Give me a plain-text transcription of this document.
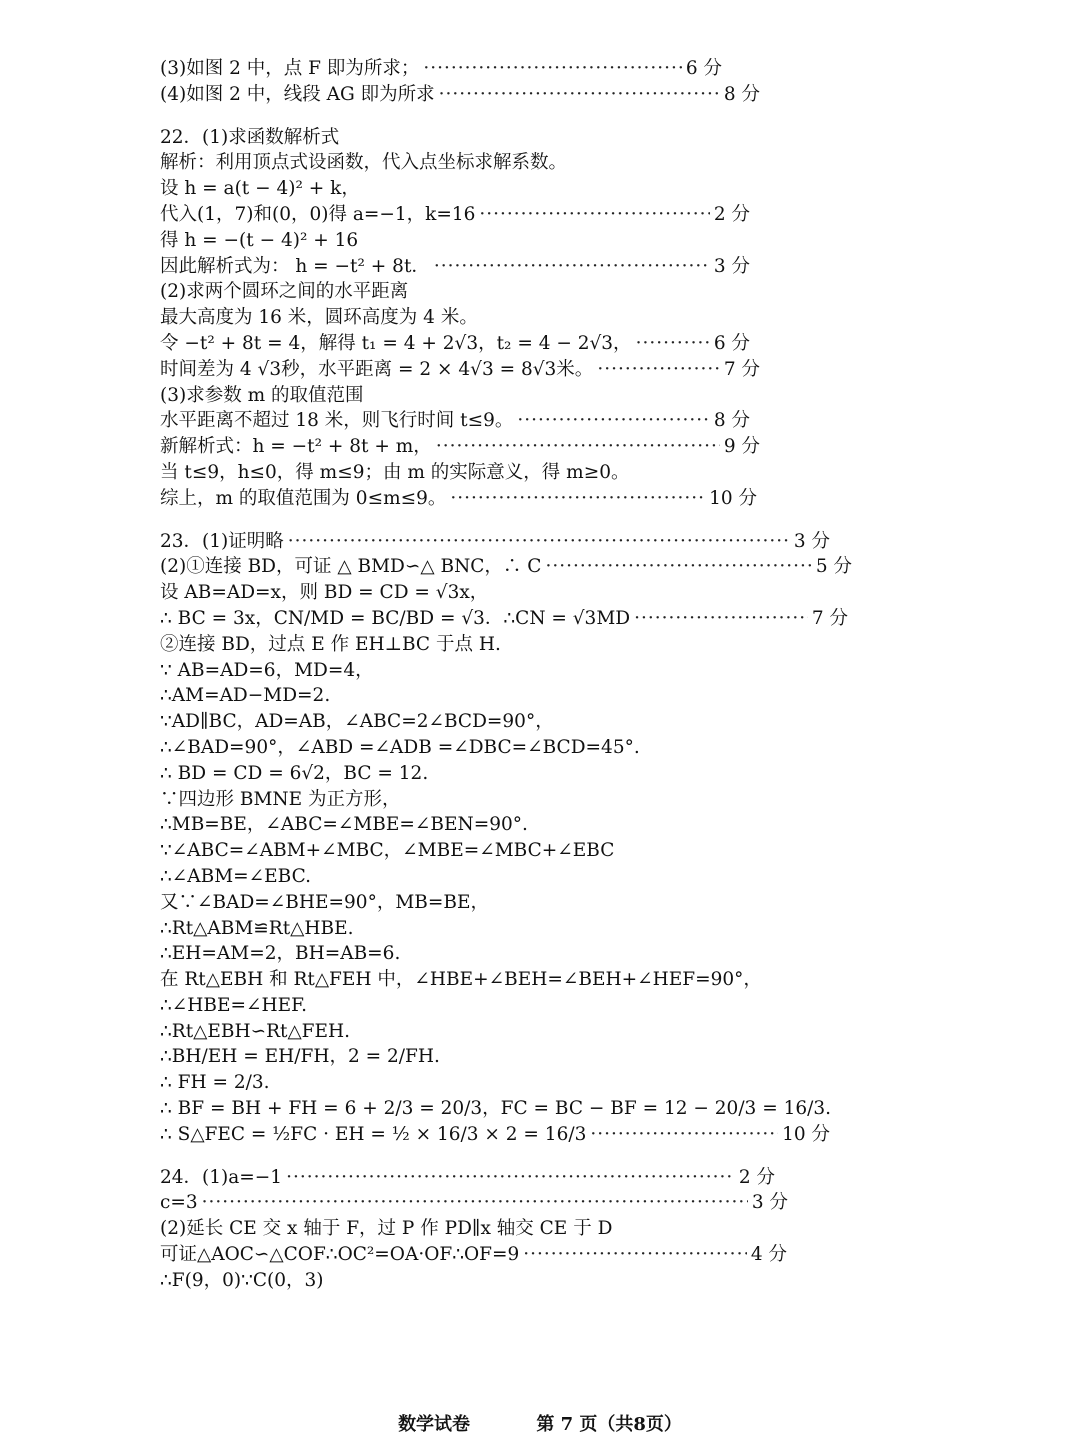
(3)如图 2 中，点 F 即为所求； ·····	6 分
(4)如图 2 中，线段 AG 即为所求 ·····	8 分
22．(1)求函数解析式
解析：利用顶点式设函数，代入点坐标求解系数。
设 h = a(t − 4)² + k，
代入(1，7)和(0，0)得 a=−1，k=16 ·····	2 分
得 h = −(t − 4)² + 16
因此解析式为： h = −t² + 8t． ·····	3 分
(2)求两个圆环之间的水平距离
最大高度为 16 米，圆环高度为 4 米。
令 −t² + 8t = 4，解得 t₁ = 4 + 2√3，t₂ = 4 − 2√3， ·····	6 分
时间差为 4 √3秒，水平距离 = 2 × 4√3 = 8√3米。 ·····	7 分
(3)求参数 m 的取值范围
水平距离不超过 18 米，则飞行时间 t≤9。 ·····	8 分
新解析式：h = −t² + 8t + m， ·····	9 分
当 t≤9，h≤0，得 m≤9；由 m 的实际意义，得 m≥0。
综上，m 的取值范围为 0≤m≤9。 ·····	10 分
23．(1)证明略 ·····	3 分
(2)①连接 BD，可证 △ BMD∽△ BNC，∴ C ·····	5 分
设 AB=AD=x，则 BD = CD = √3x，
∴ BC = 3x，CN/MD = BC/BD = √3．∴CN = √3MD ·····	7 分
②连接 BD，过点 E 作 EH⊥BC 于点 H.
∵ AB=AD=6，MD=4，
∴AM=AD−MD=2.
∵AD∥BC，AD=AB，∠ABC=2∠BCD=90°，
∴∠BAD=90°，∠ABD =∠ADB =∠DBC=∠BCD=45°.
∴ BD = CD = 6√2，BC = 12.
∵四边形 BMNE 为正方形，
∴MB=BE，∠ABC=∠MBE=∠BEN=90°.
∵∠ABC=∠ABM+∠MBC，∠MBE=∠MBC+∠EBC
∴∠ABM=∠EBC.
又∵∠BAD=∠BHE=90°，MB=BE，
∴Rt△ABM≌Rt△HBE.
∴EH=AM=2，BH=AB=6.
在 Rt△EBH 和 Rt△FEH 中，∠HBE+∠BEH=∠BEH+∠HEF=90°，
∴∠HBE=∠HEF.
∴Rt△EBH∽Rt△FEH.
∴BH/EH = EH/FH，2 = 2/FH.
∴ FH = 2/3.
∴ BF = BH + FH = 6 + 2/3 = 20/3，FC = BC − BF = 12 − 20/3 = 16/3.
∴ S△FEC = ½FC · EH = ½ × 16/3 × 2 = 16/3 ·····	10 分
24．(1)a=−1 ·····	2 分
c=3 ·····	3 分
(2)延长 CE 交 x 轴于 F，过 P 作 PD∥x 轴交 CE 于 D
可证△AOC∽△COF∴OC²=OA·OF∴OF=9 ·····	4 分
∴F(9，0)∵C(0，3)
数学试卷	第 7 页（共8页）
